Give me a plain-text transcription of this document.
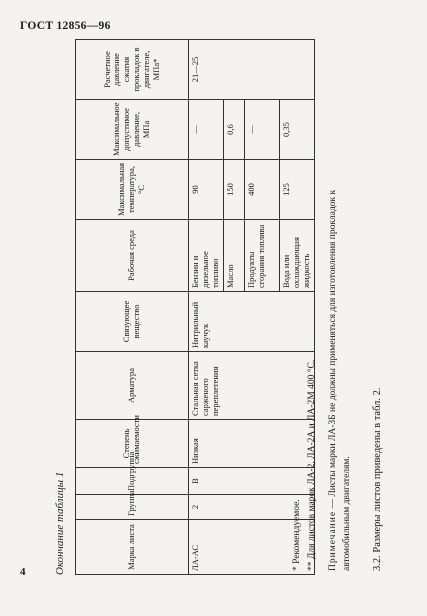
ГОСТ 12856—96
Окончание таблицы 1	Марка листа	Группа	Подгруппа	Степень сжимаемости	Арматура	Связующее вещество	Рабочая среда	Максимальная температура, °С	Максимальное допустимое давление, МПа	Расчетное давление сжатия прокладок в двигателе, МПа*
ЛА-АС	2	В	Низкая	Стальная сетка сарженого переплетения	Нитрильный каучук	Бензин и дизельное топливо	90	—	21—25
						Масло	150	0,6	
						Продукты сгорания топлива	400	—	
						Вода или охлаждающая жидкость	125	0,35	
* Рекомендуемое. ** Для листов марок ЛА-2, ЛА-2А и ЛА-2М 400 °С. Примечание — Листы марки ЛА-3Б не должны применяться для изготовления прокладок к
автомобильным двигателям. 3.2. Размеры листов приведены в табл. 2.
4
